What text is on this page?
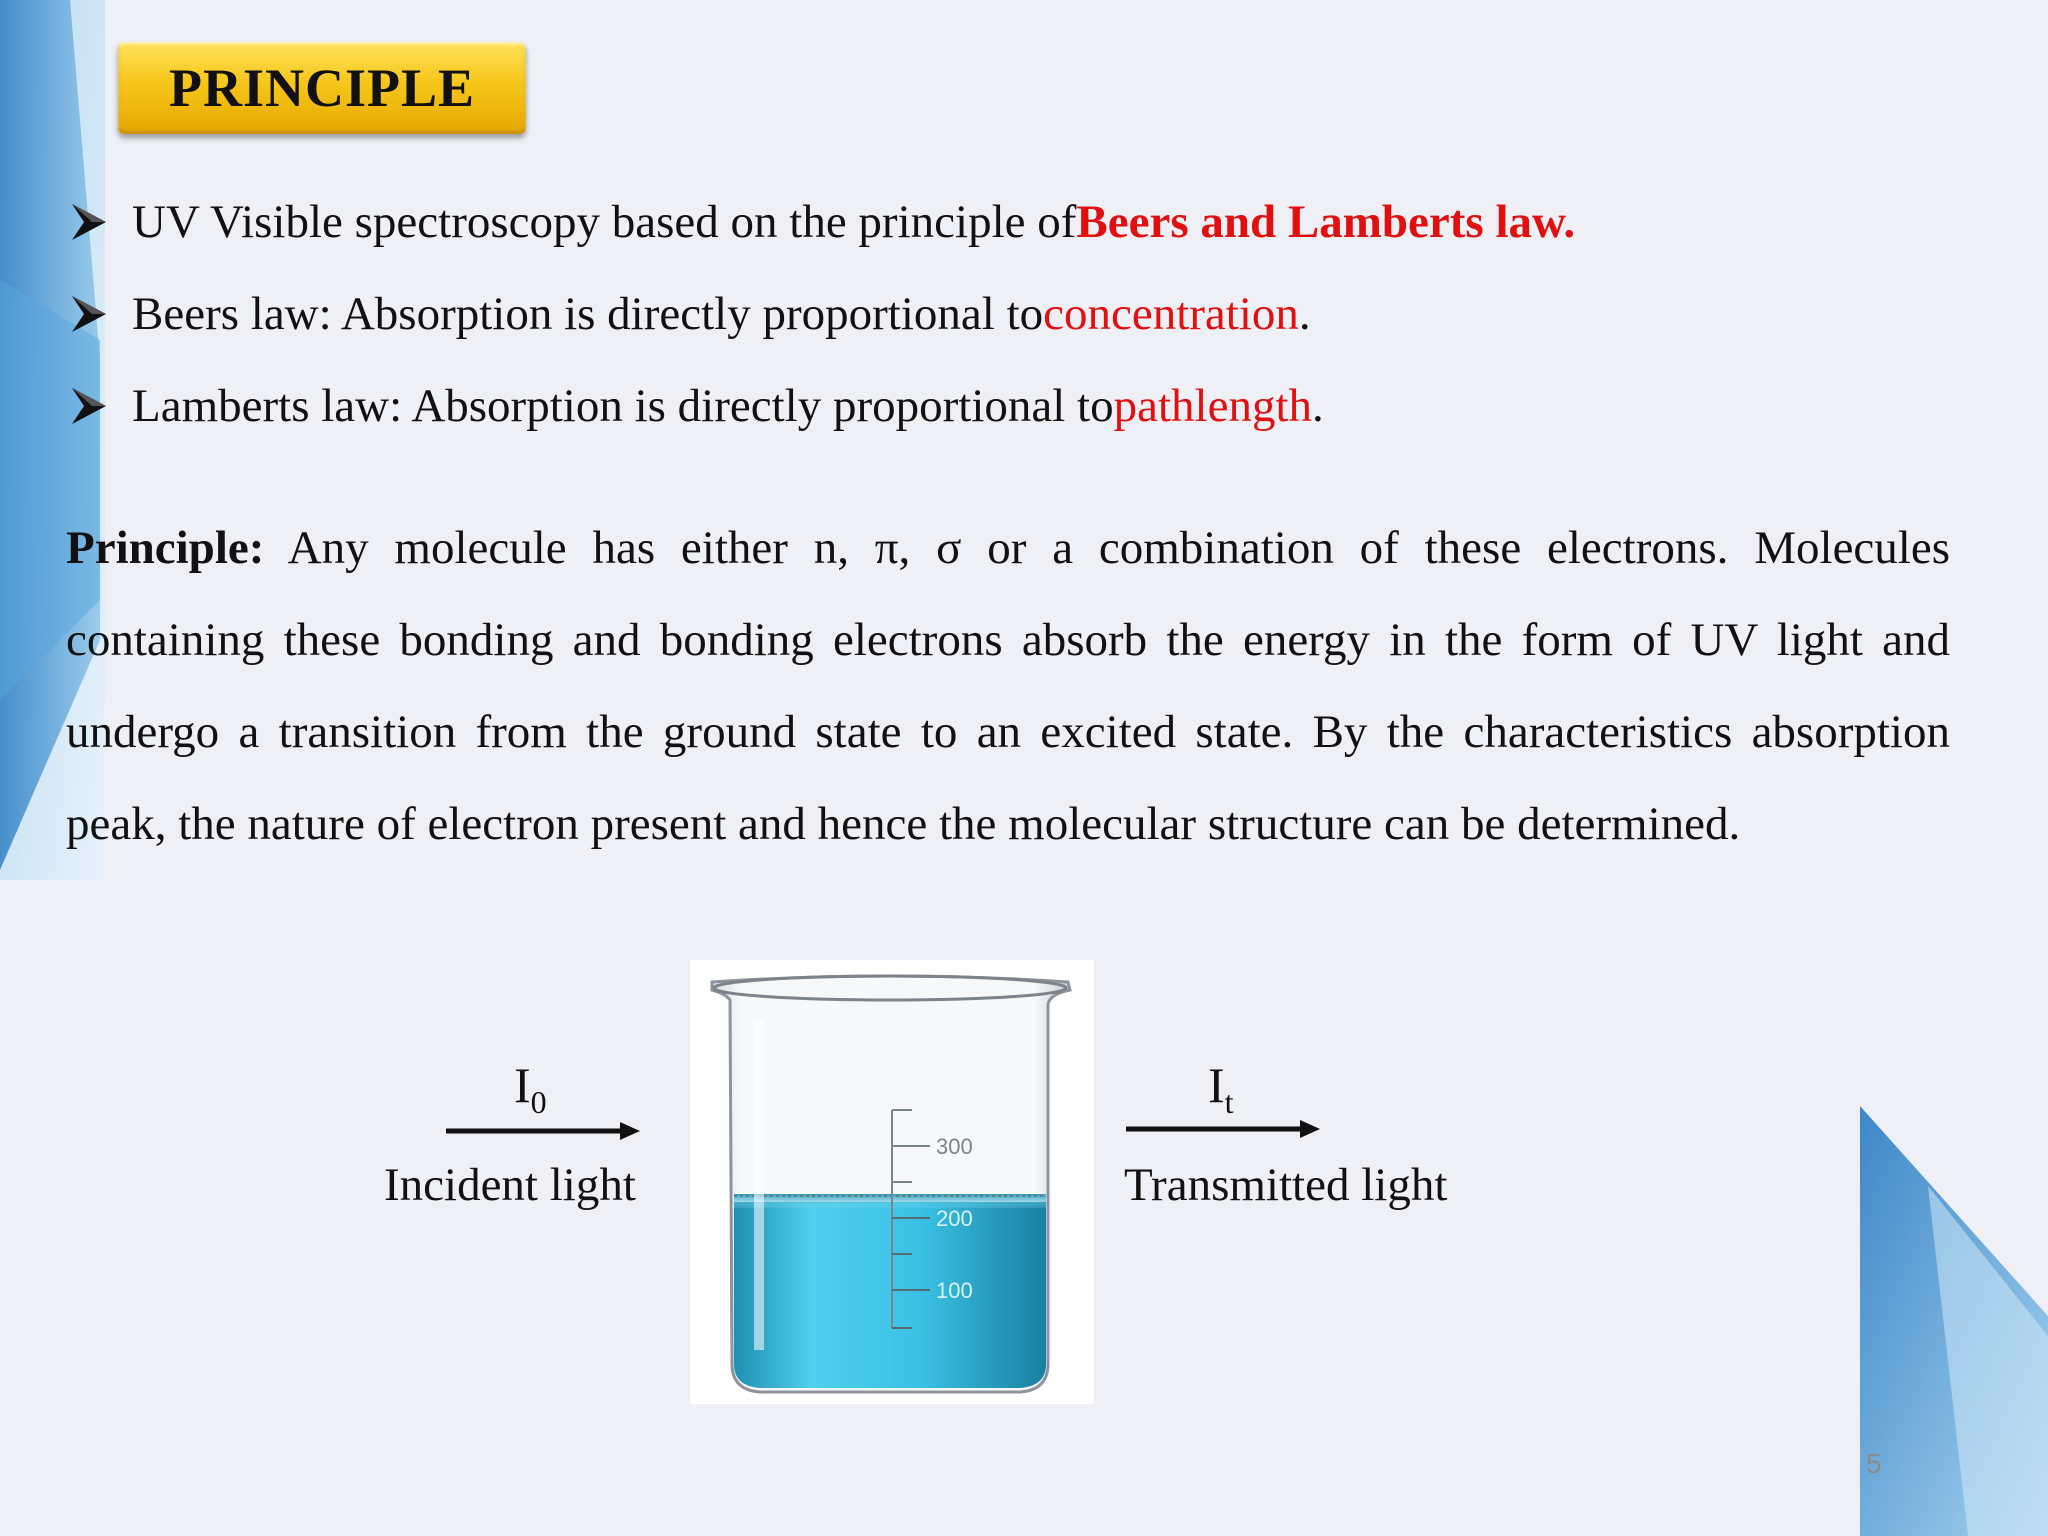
PRINCIPLE
UV Visible spectroscopy based on the principle of Beers and Lamberts law.
Beers law: Absorption is directly proportional to concentration .
Lamberts law: Absorption is directly proportional to pathlength .
Principle: Any molecule has either n, π, σ or a combination of these electrons. Molecules containing these bonding and bonding electrons absorb the energy in the form of UV light and undergo a transition from the ground state to an excited state. By the characteristics absorption peak, the nature of electron present and hence the molecular structure can be determined.
$I_0$
Incident light
300
200
100
$I_t$
Transmitted light
5
